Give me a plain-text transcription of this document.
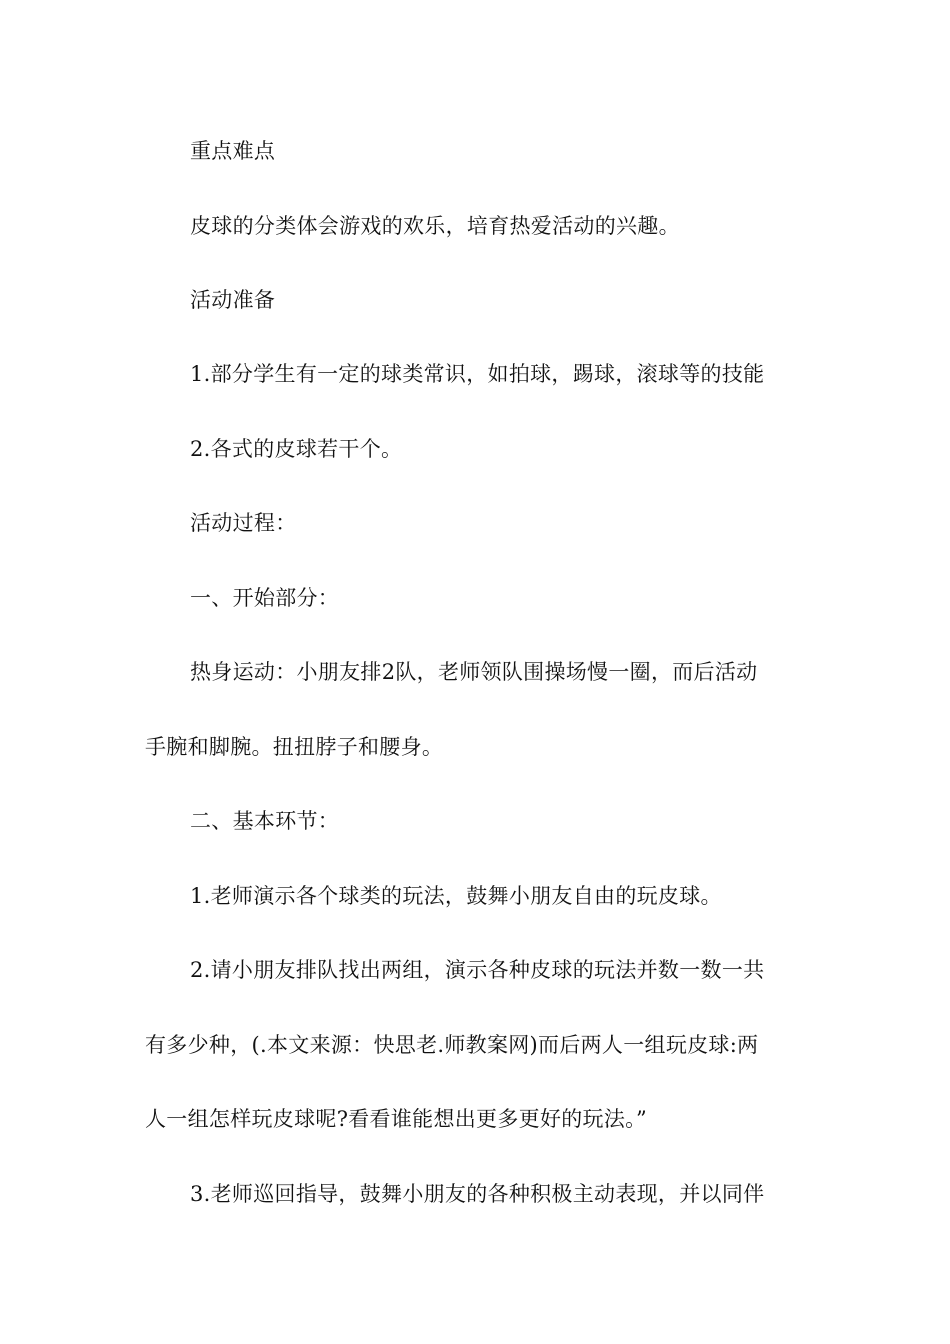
重点难点
皮球的分类体会游戏的欢乐，培育热爱活动的兴趣。
活动准备
1.部分学生有一定的球类常识，如拍球，踢球，滚球等的技能
2.各式的皮球若干个。
活动过程：
一、开始部分：
热身运动：小朋友排2队，老师领队围操场慢一圈，而后活动
手腕和脚腕。扭扭脖子和腰身。
二、基本环节：
1.老师演示各个球类的玩法，鼓舞小朋友自由的玩皮球。
2.请小朋友排队找出两组，演示各种皮球的玩法并数一数一共
有多少种，(.本文来源：快思老.师教案网)而后两人一组玩皮球:两
人一组怎样玩皮球呢?看看谁能想出更多更好的玩法。”
3.老师巡回指导，鼓舞小朋友的各种积极主动表现，并以同伴
